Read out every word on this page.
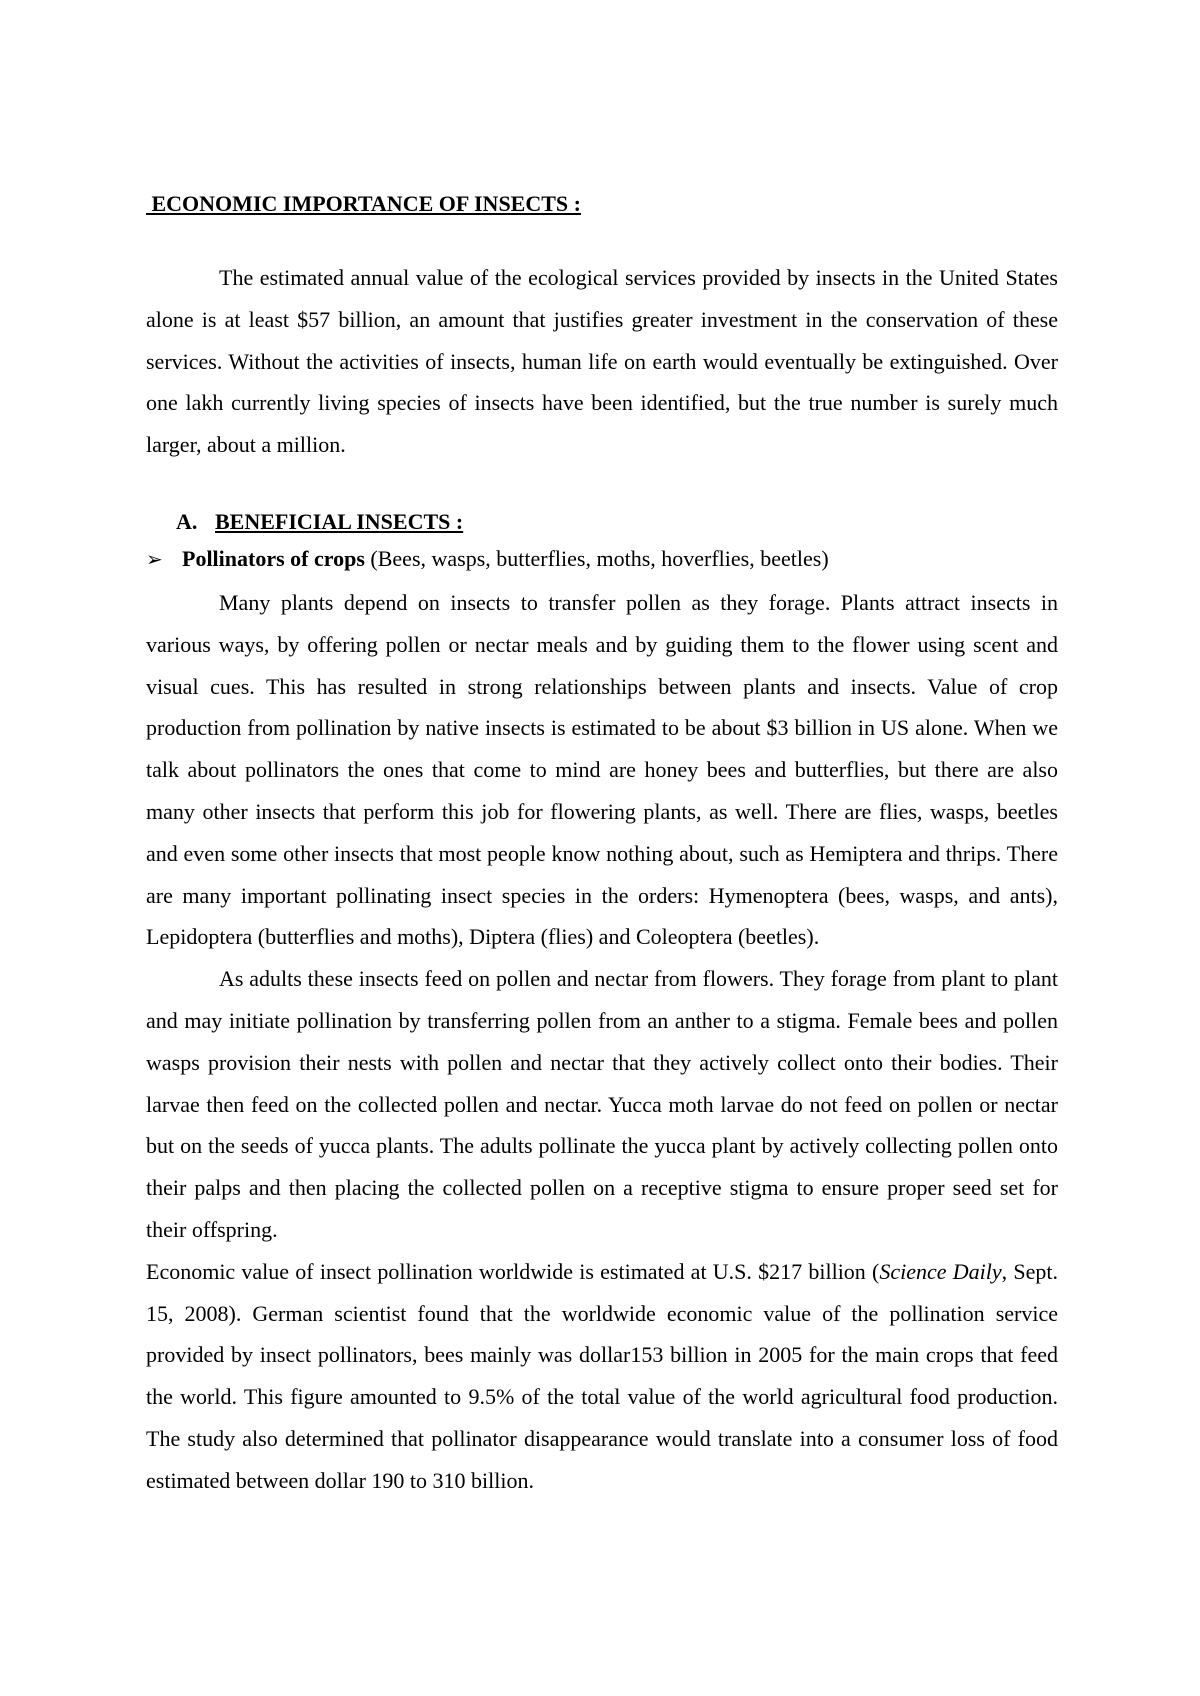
ECONOMIC IMPORTANCE OF INSECTS :

The estimated annual value of the ecological services provided by insects in the United States alone is at least $57 billion, an amount that justifies greater investment in the conservation of these services. Without the activities of insects, human life on earth would eventually be extinguished. Over one lakh currently living species of insects have been identified, but the true number is surely much larger, about a million.

A. BENEFICIAL INSECTS :
➢ Pollinators of crops (Bees, wasps, butterflies, moths, hoverflies, beetles)

Many plants depend on insects to transfer pollen as they forage. Plants attract insects in various ways, by offering pollen or nectar meals and by guiding them to the flower using scent and visual cues. This has resulted in strong relationships between plants and insects. Value of crop production from pollination by native insects is estimated to be about $3 billion in US alone. When we talk about pollinators the ones that come to mind are honey bees and butterflies, but there are also many other insects that perform this job for flowering plants, as well. There are flies, wasps, beetles and even some other insects that most people know nothing about, such as Hemiptera and thrips. There are many important pollinating insect species in the orders: Hymenoptera (bees, wasps, and ants), Lepidoptera (butterflies and moths), Diptera (flies) and Coleoptera (beetles).

As adults these insects feed on pollen and nectar from flowers. They forage from plant to plant and may initiate pollination by transferring pollen from an anther to a stigma. Female bees and pollen wasps provision their nests with pollen and nectar that they actively collect onto their bodies. Their larvae then feed on the collected pollen and nectar. Yucca moth larvae do not feed on pollen or nectar but on the seeds of yucca plants. The adults pollinate the yucca plant by actively collecting pollen onto their palps and then placing the collected pollen on a receptive stigma to ensure proper seed set for their offspring.

Economic value of insect pollination worldwide is estimated at U.S. $217 billion (Science Daily, Sept. 15, 2008). German scientist found that the worldwide economic value of the pollination service provided by insect pollinators, bees mainly was dollar153 billion in 2005 for the main crops that feed the world. This figure amounted to 9.5% of the total value of the world agricultural food production. The study also determined that pollinator disappearance would translate into a consumer loss of food estimated between dollar 190 to 310 billion.
